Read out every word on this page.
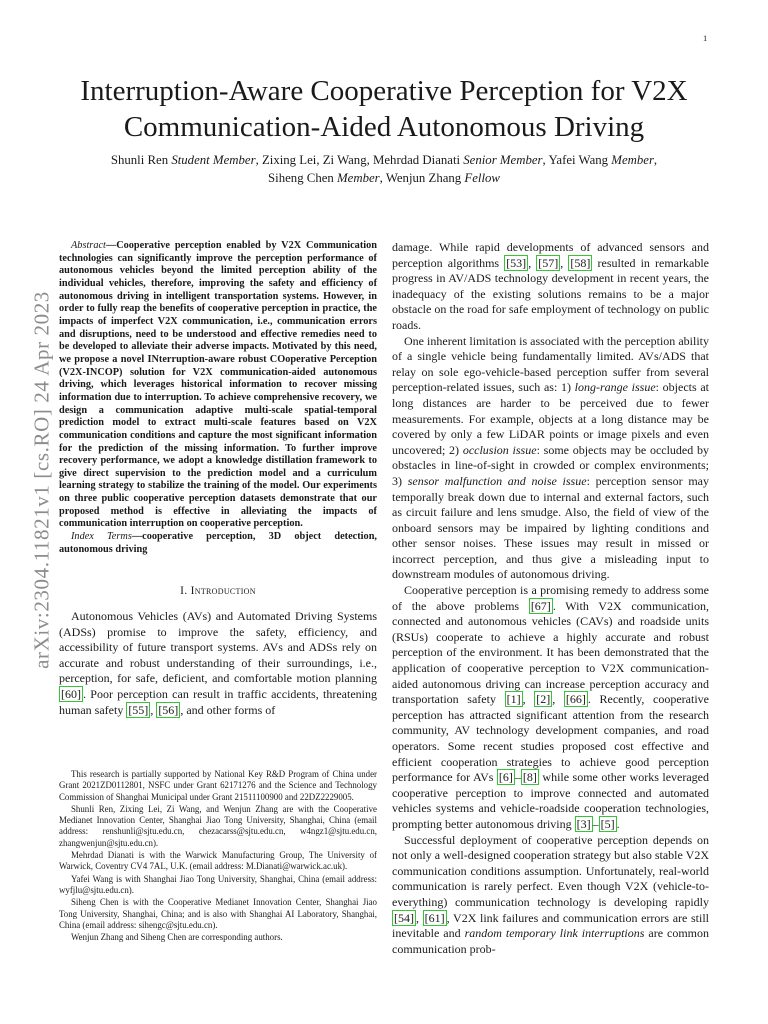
1
arXiv:2304.11821v1 [cs.RO] 24 Apr 2023
Interruption-Aware Cooperative Perception for V2X
Communication-Aided Autonomous Driving
Shunli Ren Student Member, Zixing Lei, Zi Wang, Mehrdad Dianati Senior Member, Yafei Wang Member,
Siheng Chen Member, Wenjun Zhang Fellow

Abstract—Cooperative perception enabled by V2X Communication technologies can significantly improve the perception performance of autonomous vehicles beyond the limited perception ability of the individual vehicles, therefore, improving the safety and efficiency of autonomous driving in intelligent transportation systems. However, in order to fully reap the benefits of cooperative perception in practice, the impacts of imperfect V2X communication, i.e., communication errors and disruptions, need to be understood and effective remedies need to be developed to alleviate their adverse impacts. Motivated by this need, we propose a novel INterruption-aware robust COoperative Perception (V2X-INCOP) solution for V2X communication-aided autonomous driving, which leverages historical information to recover missing information due to interruption. To achieve comprehensive recovery, we design a communication adaptive multi-scale spatial-temporal prediction model to extract multi-scale features based on V2X communication conditions and capture the most significant information for the prediction of the missing information. To further improve recovery performance, we adopt a knowledge distillation framework to give direct supervision to the prediction model and a curriculum learning strategy to stabilize the training of the model. Our experiments on three public cooperative perception datasets demonstrate that our proposed method is effective in alleviating the impacts of communication interruption on cooperative perception.

Index Terms—cooperative perception, 3D object detection, autonomous driving

I. Introduction

Autonomous Vehicles (AVs) and Automated Driving Systems (ADSs) promise to improve the safety, efficiency, and accessibility of future transport systems. AVs and ADSs rely on accurate and robust understanding of their surroundings, i.e., perception, for safe, deficient, and comfortable motion planning [60] . Poor perception can result in traffic accidents, threatening human safety [55] , [56] , and other forms of

This research is partially supported by National Key R&D Program of China under Grant 2021ZD0112801, NSFC under Grant 62171276 and the Science and Technology Commission of Shanghai Municipal under Grant 21511100900 and 22DZ2229005.

Shunli Ren, Zixing Lei, Zi Wang, and Wenjun Zhang are with the Cooperative Medianet Innovation Center, Shanghai Jiao Tong University, Shanghai, China (email address: renshunli@sjtu.edu.cn, chezacarss@sjtu.edu.cn, w4ngz1@sjtu.edu.cn, zhangwenjun@sjtu.edu.cn).

Mehrdad Dianati is with the Warwick Manufacturing Group, The University of Warwick, Coventry CV4 7AL, U.K. (email address: M.Dianati@warwick.ac.uk).

Yafei Wang is with Shanghai Jiao Tong University, Shanghai, China (email address: wyfjlu@sjtu.edu.cn).

Siheng Chen is with the Cooperative Medianet Innovation Center, Shanghai Jiao Tong University, Shanghai, China; and is also with Shanghai AI Laboratory, Shanghai, China (email address: sihengc@sjtu.edu.cn).

Wenjun Zhang and Siheng Chen are corresponding authors.

damage. While rapid developments of advanced sensors and perception algorithms [53] , [57] , [58] resulted in remarkable progress in AV/ADS technology development in recent years, the inadequacy of the existing solutions remains to be a major obstacle on the road for safe employment of technology on public roads.

One inherent limitation is associated with the perception ability of a single vehicle being fundamentally limited. AVs/ADS that relay on sole ego-vehicle-based perception suffer from several perception-related issues, such as: 1) long-range issue: objects at long distances are harder to be perceived due to fewer measurements. For example, objects at a long distance may be covered by only a few LiDAR points or image pixels and even uncovered; 2) occlusion issue: some objects may be occluded by obstacles in line-of-sight in crowded or complex environments; 3) sensor malfunction and noise issue: perception sensor may temporally break down due to internal and external factors, such as circuit failure and lens smudge. Also, the field of view of the onboard sensors may be impaired by lighting conditions and other sensor noises. These issues may result in missed or incorrect perception, and thus give a misleading input to downstream modules of autonomous driving.

Cooperative perception is a promising remedy to address some of the above problems [67] . With V2X communication, connected and autonomous vehicles (CAVs) and roadside units (RSUs) cooperate to achieve a highly accurate and robust perception of the environment. It has been demonstrated that the application of cooperative perception to V2X communication-aided autonomous driving can increase perception accuracy and transportation safety [1] , [2] , [66] . Recently, cooperative perception has attracted significant attention from the research community, AV technology development companies, and road operators. Some recent studies proposed cost effective and efficient cooperation strategies to achieve good perception performance for AVs [6] – [8] while some other works leveraged cooperative perception to improve connected and automated vehicles systems and vehicle-roadside cooperation technologies, prompting better autonomous driving [3] – [5] .

Successful deployment of cooperative perception depends on not only a well-designed cooperation strategy but also stable V2X communication conditions assumption. Unfortunately, real-world communication is rarely perfect. Even though V2X (vehicle-to-everything) communication technology is developing rapidly [54] , [61] , V2X link failures and communication errors are still inevitable and random temporary link interruptions are common communication prob-
